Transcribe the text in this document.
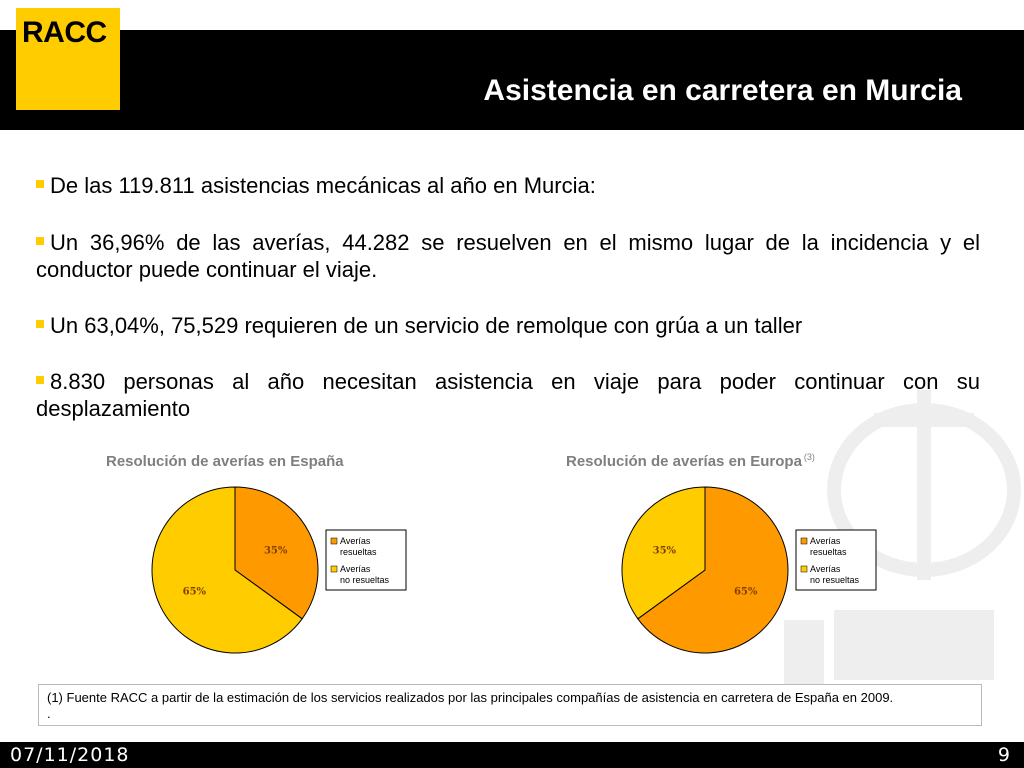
RACC
Asistencia en carretera en Murcia
De las 119.811 asistencias mecánicas al año en Murcia:
Un 36,96% de las averías, 44.282 se resuelven en el mismo lugar de la incidencia y el conductor puede continuar el viaje.
Un 63,04%, 75,529 requieren de un servicio de remolque con grúa a un taller
8.830 personas al año necesitan asistencia en viaje para poder continuar con su desplazamiento
Resolución de averías en España	Resolución de averías en Europa $^{(3)}$
35%
65%
Averías
resueltas
Averías
no resueltas
65%
35%
Averías
resueltas
Averías
no resueltas
(1) Fuente RACC a partir de la estimación de los servicios realizados por las principales compañías de asistencia en carretera de España en 2009.
.
07/11/2018	9
